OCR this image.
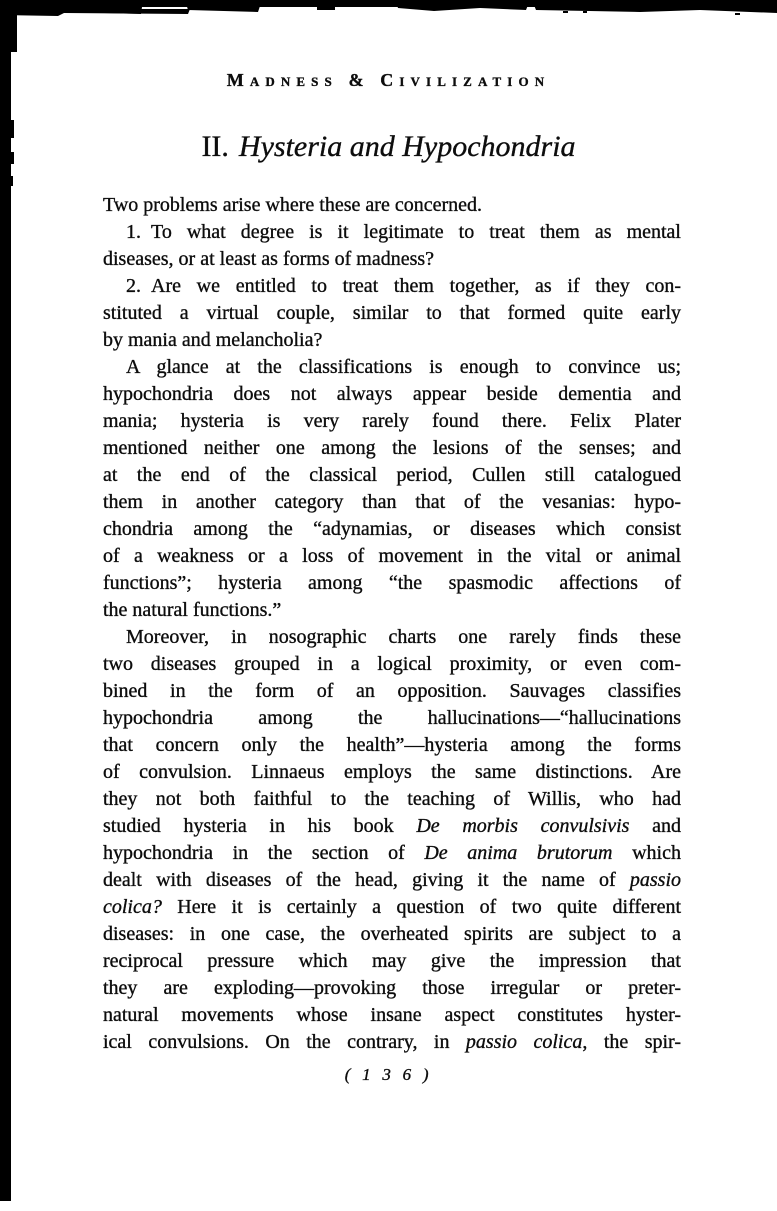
Madness & Civilization
II. Hysteria and Hypochondria
Two problems arise where these are concerned.
1. To what degree is it legitimate to treat them as mental
diseases, or at least as forms of madness?
2. Are we entitled to treat them together, as if they con-
stituted a virtual couple, similar to that formed quite early
by mania and melancholia?
A glance at the classifications is enough to convince us;
hypochondria does not always appear beside dementia and
mania; hysteria is very rarely found there. Felix Plater
mentioned neither one among the lesions of the senses; and
at the end of the classical period, Cullen still catalogued
them in another category than that of the vesanias: hypo-
chondria among the “adynamias, or diseases which consist
of a weakness or a loss of movement in the vital or animal
functions”; hysteria among “the spasmodic affections of
the natural functions.”
Moreover, in nosographic charts one rarely finds these
two diseases grouped in a logical proximity, or even com-
bined in the form of an opposition. Sauvages classifies
hypochondria among the hallucinations—“hallucinations
that concern only the health”—hysteria among the forms
of convulsion. Linnaeus employs the same distinctions. Are
they not both faithful to the teaching of Willis, who had
studied hysteria in his book De morbis convulsivis and
hypochondria in the section of De anima brutorum which
dealt with diseases of the head, giving it the name of passio
colica? Here it is certainly a question of two quite different
diseases: in one case, the overheated spirits are subject to a
reciprocal pressure which may give the impression that
they are exploding—provoking those irregular or preter-
natural movements whose insane aspect constitutes hyster-
ical convulsions. On the contrary, in passio colica, the spir-
( 1 3 6 )
